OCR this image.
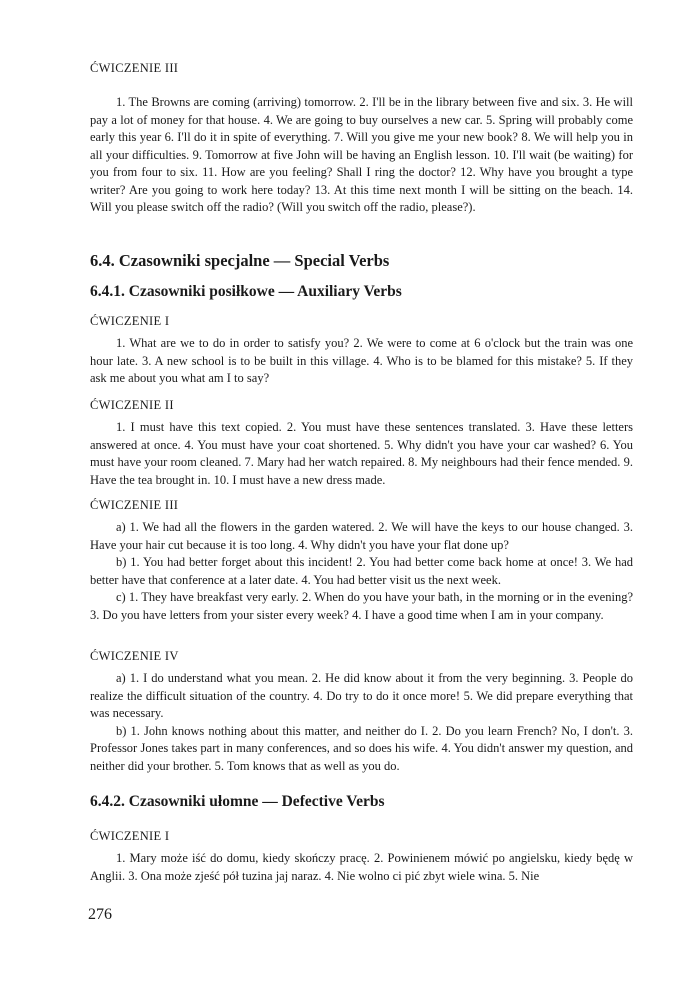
ĆWICZENIE III

1. The Browns are coming (arriving) tomorrow. 2. I'll be in the library between five and six. 3. He will pay a lot of money for that house. 4. We are going to buy ourselves a new car. 5. Spring will probably come early this year 6. I'll do it in spite of everything. 7. Will you give me your new book? 8. We will help you in all your difficulties. 9. Tomorrow at five John will be having an English lesson. 10. I'll wait (be waiting) for you from four to six. 11. How are you feeling? Shall I ring the doctor? 12. Why have you brought a type writer? Are you going to work here today? 13. At this time next month I will be sitting on the beach. 14. Will you please switch off the radio? (Will you switch off the radio, please?).

6.4. Czasowniki specjalne — Special Verbs

6.4.1. Czasowniki posiłkowe — Auxiliary Verbs

ĆWICZENIE I

1. What are we to do in order to satisfy you? 2. We were to come at 6 o'clock but the train was one hour late. 3. A new school is to be built in this village. 4. Who is to be blamed for this mistake? 5. If they ask me about you what am I to say?

ĆWICZENIE II

1. I must have this text copied. 2. You must have these sentences translated. 3. Have these letters answered at once. 4. You must have your coat shortened. 5. Why didn't you have your car washed? 6. You must have your room cleaned. 7. Mary had her watch repaired. 8. My neighbours had their fence mended. 9. Have the tea brought in. 10. I must have a new dress made.

ĆWICZENIE III

a) 1. We had all the flowers in the garden watered. 2. We will have the keys to our house changed. 3. Have your hair cut because it is too long. 4. Why didn't you have your flat done up?

b) 1. You had better forget about this incident! 2. You had better come back home at once! 3. We had better have that conference at a later date. 4. You had better visit us the next week.

c) 1. They have breakfast very early. 2. When do you have your bath, in the morning or in the evening? 3. Do you have letters from your sister every week? 4. I have a good time when I am in your company.

ĆWICZENIE IV

a) 1. I do understand what you mean. 2. He did know about it from the very beginning. 3. People do realize the difficult situation of the country. 4. Do try to do it once more! 5. We did prepare everything that was necessary.

b) 1. John knows nothing about this matter, and neither do I. 2. Do you learn French? No, I don't. 3. Professor Jones takes part in many conferences, and so does his wife. 4. You didn't answer my question, and neither did your brother. 5. Tom knows that as well as you do.

6.4.2. Czasowniki ułomne — Defective Verbs

ĆWICZENIE I

1. Mary może iść do domu, kiedy skończy pracę. 2. Powinienem mówić po angielsku, kiedy będę w Anglii. 3. Ona może zjeść pół tuzina jaj naraz. 4. Nie wolno ci pić zbyt wiele wina. 5. Nie

276
